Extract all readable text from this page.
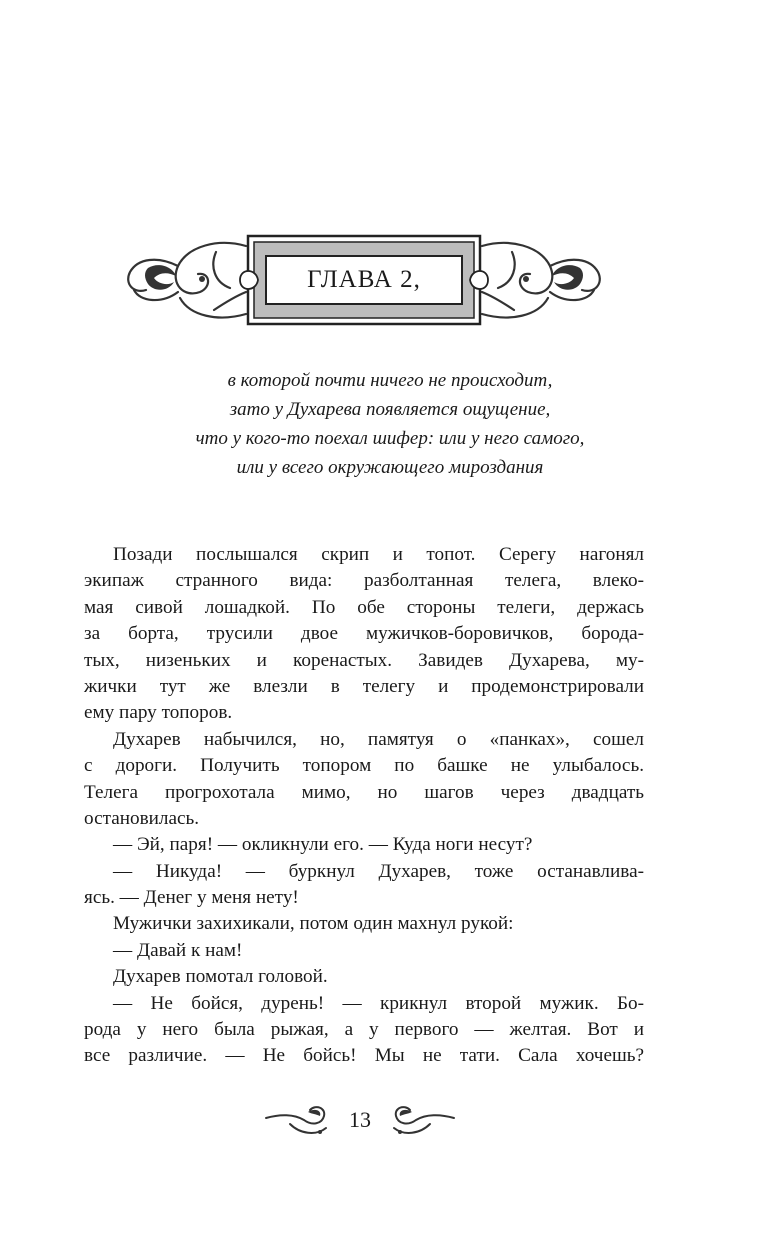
ГЛАВА 2,
в которой почти ничего не происходит,
зато у Духарева появляется ощущение,
что у кого-то поехал шифер: или у него самого,
или у всего окружающего мироздания
Позади послышался скрип и топот. Серегу нагонял
экипаж странного вида: разболтанная телега, влеко-
мая сивой лошадкой. По обе стороны телеги, держась
за борта, трусили двое мужичков-боровичков, борода-
тых, низеньких и коренастых. Завидев Духарева, му-
жички тут же влезли в телегу и продемонстрировали
ему пару топоров.
Духарев набычился, но, памятуя о «панках», сошел
с дороги. Получить топором по башке не улыбалось.
Телега прогрохотала мимо, но шагов через двадцать
остановилась.
— Эй, паря! — окликнули его. — Куда ноги несут?
— Никуда! — буркнул Духарев, тоже останавлива-
ясь. — Денег у меня нету!
Мужички захихикали, потом один махнул рукой:
— Давай к нам!
Духарев помотал головой.
— Не бойся, дурень! — крикнул второй мужик. Бо-
рода у него была рыжая, а у первого — желтая. Вот и
все различие. — Не бойсь! Мы не тати. Сала хочешь?
13
